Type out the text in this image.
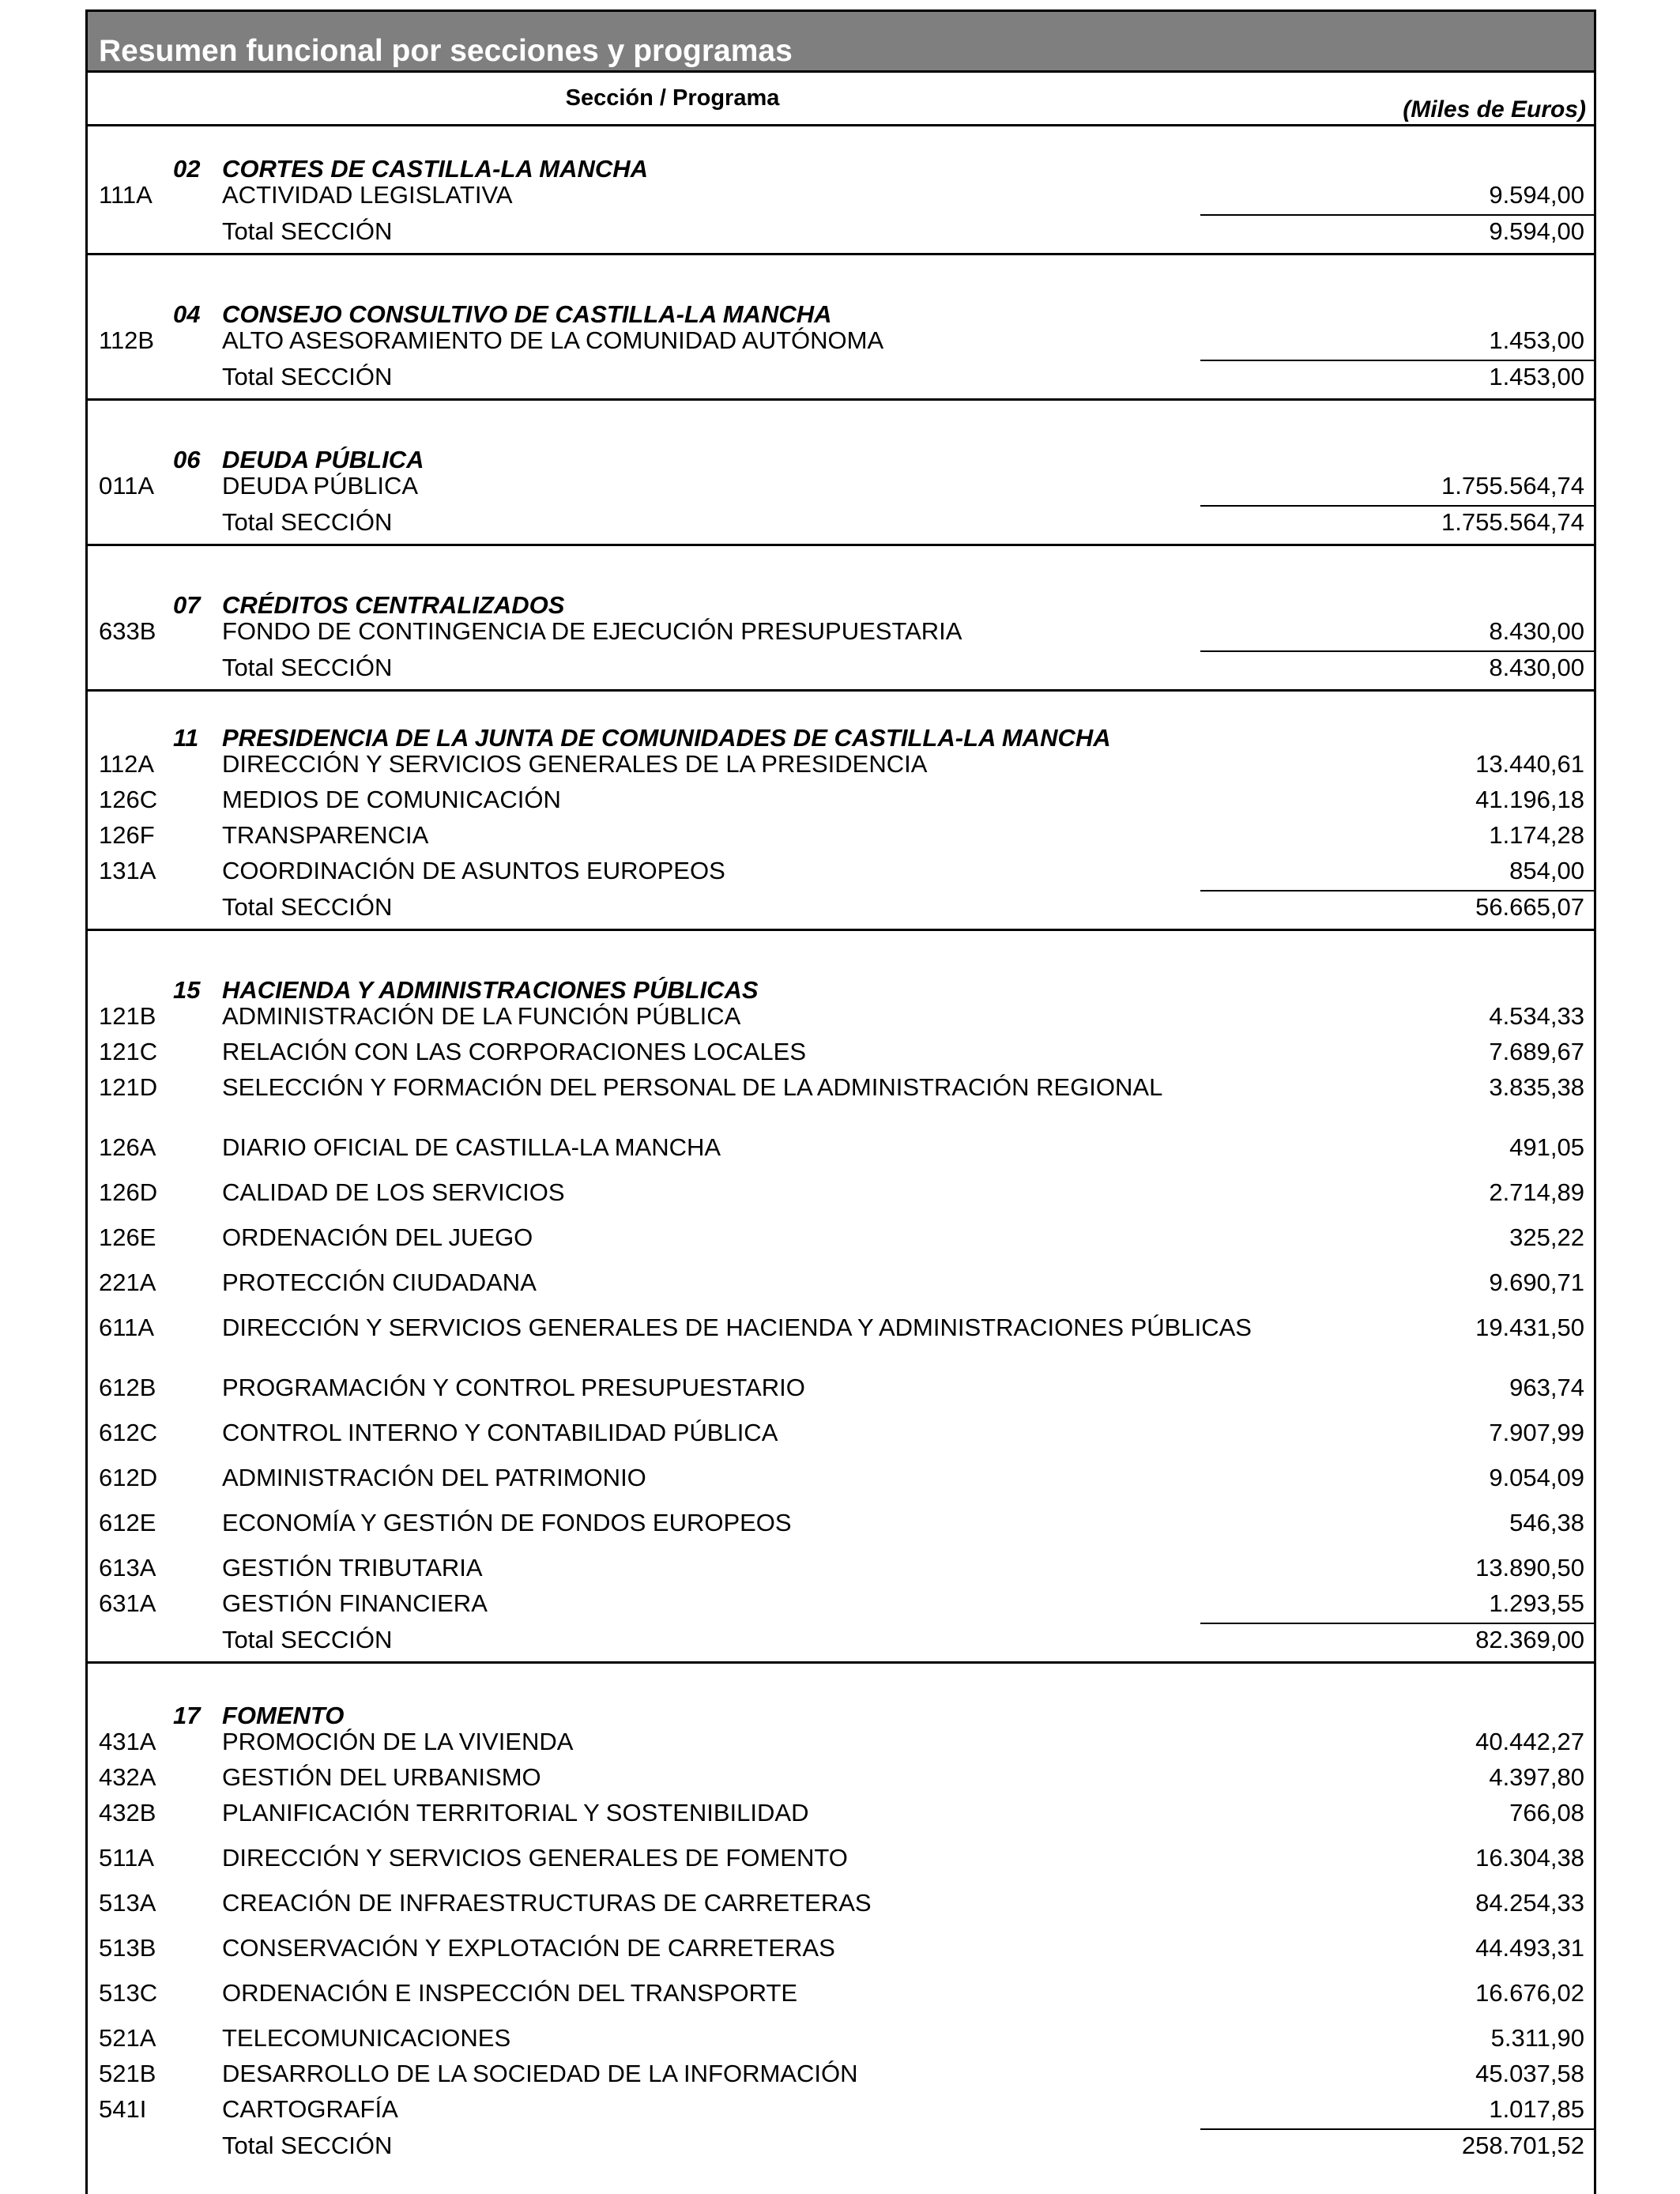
Resumen funcional por secciones y programas
Sección / Programa	(Miles de Euros)
02 CORTES DE CASTILLA-LA MANCHA
111A	ACTIVIDAD LEGISLATIVA	9.594,00
Total SECCIÓN	9.594,00
04 CONSEJO CONSULTIVO DE CASTILLA-LA MANCHA
112B	ALTO ASESORAMIENTO DE LA COMUNIDAD AUTÓNOMA	1.453,00
Total SECCIÓN	1.453,00
06 DEUDA PÚBLICA
011A	DEUDA PÚBLICA	1.755.564,74
Total SECCIÓN	1.755.564,74
07 CRÉDITOS CENTRALIZADOS
633B	FONDO DE CONTINGENCIA DE EJECUCIÓN PRESUPUESTARIA	8.430,00
Total SECCIÓN	8.430,00
11 PRESIDENCIA DE LA JUNTA DE COMUNIDADES DE CASTILLA-LA MANCHA
112A	DIRECCIÓN Y SERVICIOS GENERALES DE LA PRESIDENCIA	13.440,61
126C	MEDIOS DE COMUNICACIÓN	41.196,18
126F	TRANSPARENCIA	1.174,28
131A	COORDINACIÓN DE ASUNTOS EUROPEOS	854,00
Total SECCIÓN	56.665,07
15 HACIENDA Y ADMINISTRACIONES PÚBLICAS
121B	ADMINISTRACIÓN DE LA FUNCIÓN PÚBLICA	4.534,33
121C	RELACIÓN CON LAS CORPORACIONES LOCALES	7.689,67
121D	SELECCIÓN Y FORMACIÓN DEL PERSONAL DE LA ADMINISTRACIÓN REGIONAL	3.835,38
126A	DIARIO OFICIAL DE CASTILLA-LA MANCHA	491,05
126D	CALIDAD DE LOS SERVICIOS	2.714,89
126E	ORDENACIÓN DEL JUEGO	325,22
221A	PROTECCIÓN CIUDADANA	9.690,71
611A	DIRECCIÓN Y SERVICIOS GENERALES DE HACIENDA Y ADMINISTRACIONES PÚBLICAS	19.431,50
612B	PROGRAMACIÓN Y CONTROL PRESUPUESTARIO	963,74
612C	CONTROL INTERNO Y CONTABILIDAD PÚBLICA	7.907,99
612D	ADMINISTRACIÓN DEL PATRIMONIO	9.054,09
612E	ECONOMÍA Y GESTIÓN DE FONDOS EUROPEOS	546,38
613A	GESTIÓN TRIBUTARIA	13.890,50
631A	GESTIÓN FINANCIERA	1.293,55
Total SECCIÓN	82.369,00
17 FOMENTO
431A	PROMOCIÓN DE LA VIVIENDA	40.442,27
432A	GESTIÓN DEL URBANISMO	4.397,80
432B	PLANIFICACIÓN TERRITORIAL Y SOSTENIBILIDAD	766,08
511A	DIRECCIÓN Y SERVICIOS GENERALES DE FOMENTO	16.304,38
513A	CREACIÓN DE INFRAESTRUCTURAS DE CARRETERAS	84.254,33
513B	CONSERVACIÓN Y EXPLOTACIÓN DE CARRETERAS	44.493,31
513C	ORDENACIÓN E INSPECCIÓN DEL TRANSPORTE	16.676,02
521A	TELECOMUNICACIONES	5.311,90
521B	DESARROLLO DE LA SOCIEDAD DE LA INFORMACIÓN	45.037,58
541I	CARTOGRAFÍA	1.017,85
Total SECCIÓN	258.701,52
